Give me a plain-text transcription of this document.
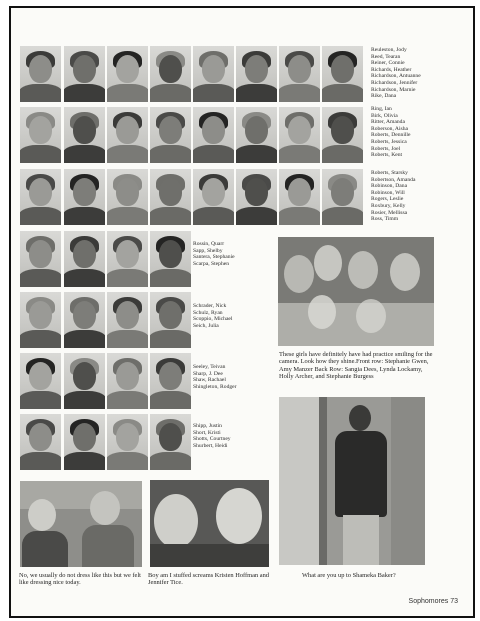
Reuleston, Jody
Reed, Tearan
Reiner, Connie
Richards, Heather
Richardson, Antuanne
Richardson, Jennifer
Richardson, Marnie
Rike, Dana
Ring, Ian
Birk, Olivia
Ritter, Amanda
Roberson, Aisha
Roberts, Dennille
Roberts, Jessica
Roberts, Joel
Roberts, Kent
Roberts, Starsky
Robertson, Amanda
Robinson, Dana
Robinson, Will
Rogers, Leslie
Roxbury, Kelly
Rosier, Mellissa
Ross, Timm
Rossin, Quarr
Sapp, Shelby
Santera, Stephanie
Scarpa, Stephen
Schrader, Nick
Schulz, Ryan
Scoppio, Michael
Seich, Julia
Seeley, Teivan
Sharp, J. Dee
Shaw, Rachael
Shingleton, Rodger
Shipp, Justin
Short, Kristi
Shotts, Courtney
Shurbert, Heidi
These girls have definitely have had practice smiling for the camera. Look how they shine.Front row: Stephanie Gwen, Amy Manzer Back Row: Sangia Dees, Lynda Lockamy, Holly Archer, and Stephanie Burgess
What are you up to Shameka Baker?
No, we usually do not dress like this but we felt like dressing nice today.
Boy am I stuffed screams Kristen Hoffman and Jennifer Tice.
Sophomores 73
